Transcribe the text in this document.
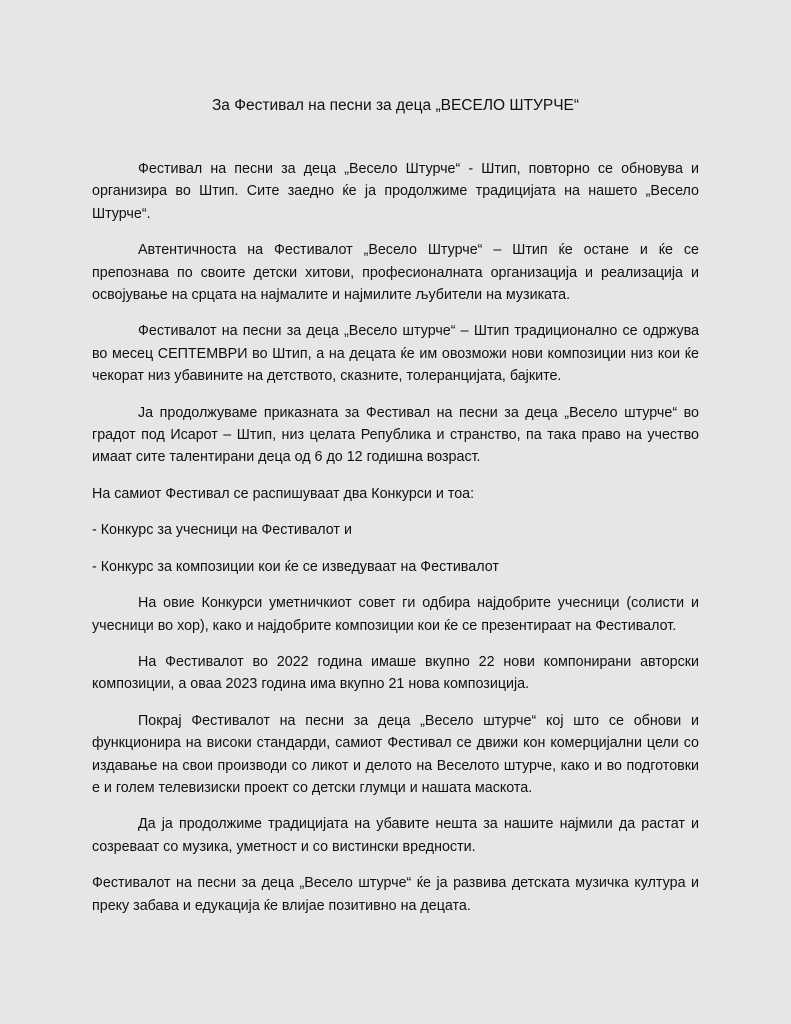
За Фестивал на песни за деца „ВЕСЕЛО ШТУРЧЕ“

Фестивал на песни за деца „Весело Штурче“ - Штип, повторно се обновува и организира во Штип. Сите заедно ќе ја продолжиме традицијата на нашето „Весело Штурче“.

Автентичноста на Фестивалот „Весело Штурче“ – Штип ќе остане и ќе се препознава по своите детски хитови, професионалната организација и реализација и освојување на срцата на најмалите и најмилите љубители на музиката.

Фестивалот на песни за деца „Весело штурче“ – Штип традиционално се одржува во месец СЕПТЕМВРИ во Штип, а на децата ќе им овозможи нови композиции низ кои ќе чекорат низ убавините на детството, сказните, толеранцијата, бајките.

Ја продолжуваме приказната за Фестивал на песни за деца „Весело штурче“ во градот под Исарот – Штип, низ целата Република и странство, па така право на учество имаат сите талентирани деца од 6 до 12 годишна возраст.

На самиот Фестивал се распишуваат два Конкурси и тоа:

- Конкурс за учесници на Фестивалот и

- Конкурс за композиции кои ќе се изведуваат на Фестивалот

На овие Конкурси уметничкиот совет ги одбира најдобрите учесници (солисти и учесници во хор), како и најдобрите композиции кои ќе се презентираат на Фестивалот.

На Фестивалот во 2022 година имаше вкупно 22 нови компонирани авторски композиции, а оваа 2023 година има вкупно 21 нова композиција.

Покрај Фестивалот на песни за деца „Весело штурче“ кој што се обнови и функционира на високи стандарди, самиот Фестивал се движи кон комерцијални цели со издавање на свои производи со ликот и делото на Веселото штурче, како и во подготовки е и голем телевизиски проект со детски глумци и нашата маскота.

Да ја продолжиме традицијата на убавите нешта за нашите најмили да растат и созреваат со музика, уметност и со вистински вредности.

Фестивалот на песни за деца „Весело штурче“ ќе ја развива детската музичка култура и преку забава и едукација ќе влијае позитивно на децата.
